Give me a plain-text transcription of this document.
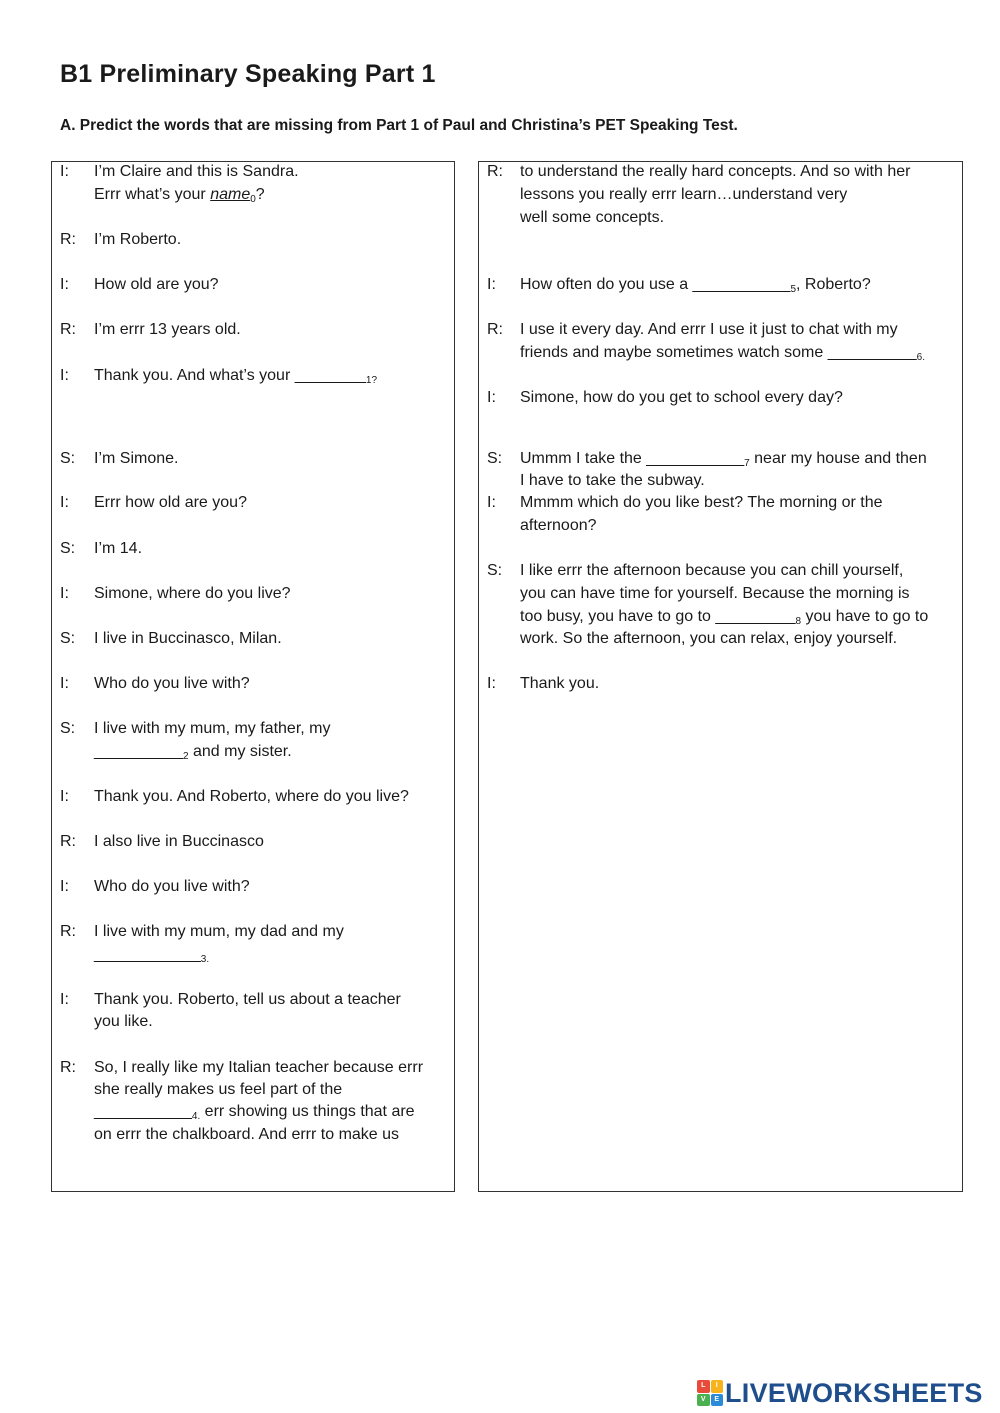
B1 Preliminary Speaking Part 1

A. Predict the words that are missing from Part 1 of Paul and Christina’s PET Speaking Test.

I: I’m Claire and this is Sandra.
Errr what’s your name0?
R: I’m Roberto.
I: How old are you?
R: I’m errr 13 years old.
I: Thank you. And what’s your ________1?
S: I’m Simone.
I: Errr how old are you?
S: I’m 14.
I: Simone, where do you live?
S: I live in Buccinasco, Milan.
I: Who do you live with?
S: I live with my mum, my father, my
__________2 and my sister.
I: Thank you. And Roberto, where do you live?
R: I also live in Buccinasco
I: Who do you live with?
R: I live with my mum, my dad and my
____________3.
I: Thank you. Roberto, tell us about a teacher
you like.
R: So, I really like my Italian teacher because errr
she really makes us feel part of the
___________4. err showing us things that are
on errr the chalkboard. And errr to make us
R: to understand the really hard concepts. And so with her
lessons you really errr learn…understand very
well some concepts.
I: How often do you use a ___________5, Roberto?
R: I use it every day. And errr I use it just to chat with my
friends and maybe sometimes watch some __________6.
I: Simone, how do you get to school every day?
S: Ummm I take the ___________7 near my house and then
I have to take the subway.
I: Mmmm which do you like best? The morning or the
afternoon?
S: I like errr the afternoon because you can chill yourself,
you can have time for yourself. Because the morning is
too busy, you have to go to _________8 you have to go to
work. So the afternoon, you can relax, enjoy yourself.
I: Thank you.
L	I
V	E LIVEWORKSHEETS
